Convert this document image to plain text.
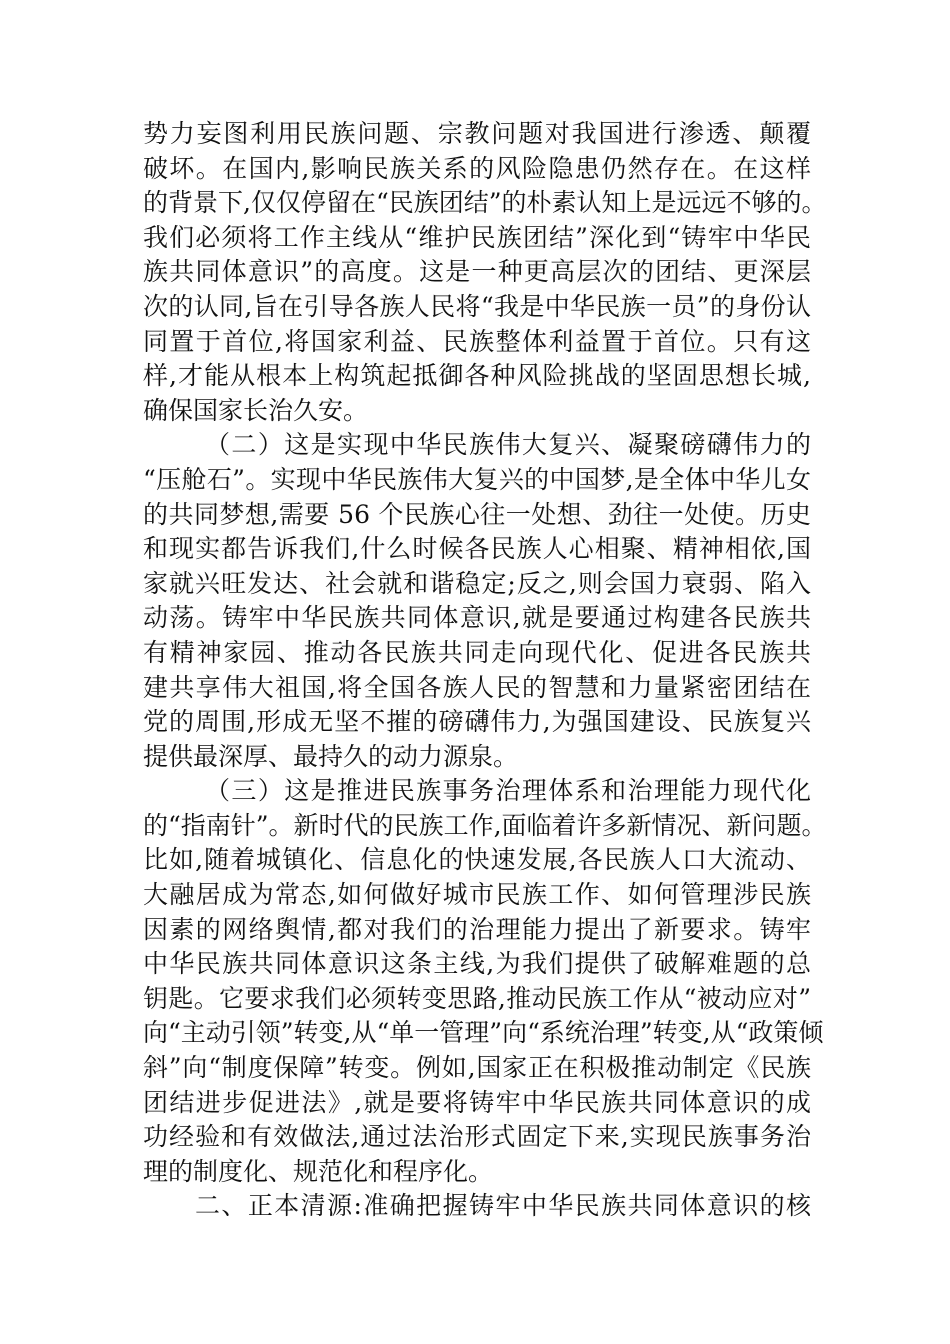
势力妄图利用民族问题、宗教问题对我国进行渗透、颠覆
破坏。在国内,影响民族关系的风险隐患仍然存在。在这样
的背景下,仅仅停留在“民族团结”的朴素认知上是远远不够的。
我们必须将工作主线从“维护民族团结”深化到“铸牢中华民
族共同体意识”的高度。这是一种更高层次的团结、更深层
次的认同,旨在引导各族人民将“我是中华民族一员”的身份认
同置于首位,将国家利益、民族整体利益置于首位。只有这
样,才能从根本上构筑起抵御各种风险挑战的坚固思想长城,
确保国家长治久安。
（二）这是实现中华民族伟大复兴、凝聚磅礴伟力的
“压舱石”。实现中华民族伟大复兴的中国梦,是全体中华儿女
的共同梦想,需要 56 个民族心往一处想、劲往一处使。历史
和现实都告诉我们,什么时候各民族人心相聚、精神相依,国
家就兴旺发达、社会就和谐稳定;反之,则会国力衰弱、陷入
动荡。铸牢中华民族共同体意识,就是要通过构建各民族共
有精神家园、推动各民族共同走向现代化、促进各民族共
建共享伟大祖国,将全国各族人民的智慧和力量紧密团结在
党的周围,形成无坚不摧的磅礴伟力,为强国建设、民族复兴
提供最深厚、最持久的动力源泉。
（三）这是推进民族事务治理体系和治理能力现代化
的“指南针”。新时代的民族工作,面临着许多新情况、新问题。
比如,随着城镇化、信息化的快速发展,各民族人口大流动、
大融居成为常态,如何做好城市民族工作、如何管理涉民族
因素的网络舆情,都对我们的治理能力提出了新要求。铸牢
中华民族共同体意识这条主线,为我们提供了破解难题的总
钥匙。它要求我们必须转变思路,推动民族工作从“被动应对”
向“主动引领”转变,从“单一管理”向“系统治理”转变,从“政策倾
斜”向“制度保障”转变。例如,国家正在积极推动制定《民族
团结进步促进法》,就是要将铸牢中华民族共同体意识的成
功经验和有效做法,通过法治形式固定下来,实现民族事务治
理的制度化、规范化和程序化。
二、正本清源:准确把握铸牢中华民族共同体意识的核
